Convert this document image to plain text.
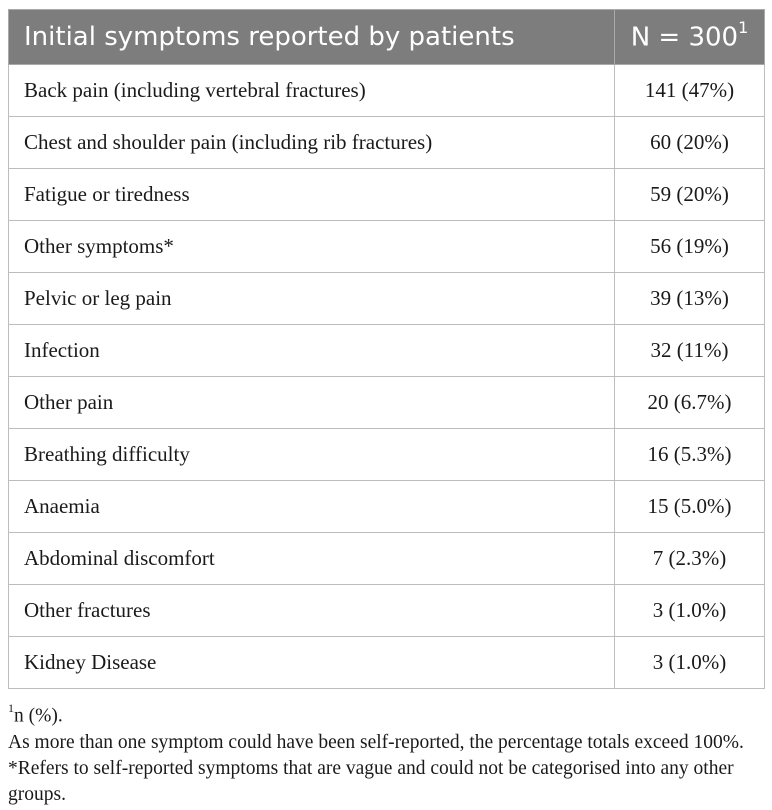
Initial symptoms reported by patients	$N = 300^1$
Back pain (including vertebral fractures)	141 (47%)
Chest and shoulder pain (including rib fractures)	60 (20%)
Fatigue or tiredness	59 (20%)
Other symptoms*	56 (19%)
Pelvic or leg pain	39 (13%)
Infection	32 (11%)
Other pain	20 (6.7%)
Breathing difficulty	16 (5.3%)
Anaemia	15 (5.0%)
Abdominal discomfort	7 (2.3%)
Other fractures	3 (1.0%)
Kidney Disease	3 (1.0%)

$^1$n (%).

As more than one symptom could have been self-reported, the percentage totals exceed 100%.

*Refers to self-reported symptoms that are vague and could not be categorised into any other groups.
